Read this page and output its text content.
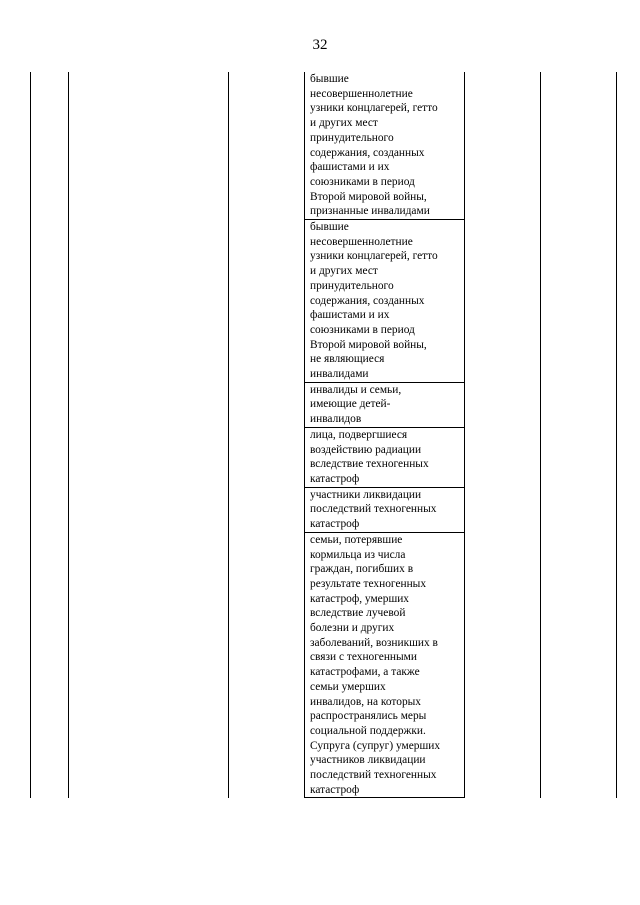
32

бывшие
несовершеннолетние
узники концлагерей, гетто
и других мест
принудительного
содержания, созданных
фашистами и их
союзниками в период
Второй мировой войны,
признанные инвалидами

бывшие
несовершеннолетние
узники концлагерей, гетто
и других мест
принудительного
содержания, созданных
фашистами и их
союзниками в период
Второй мировой войны,
не являющиеся
инвалидами

инвалиды и семьи,
имеющие детей-
инвалидов

лица, подвергшиеся
воздействию радиации
вследствие техногенных
катастроф

участники ликвидации
последствий техногенных
катастроф

семьи, потерявшие
кормильца из числа
граждан, погибших в
результате техногенных
катастроф, умерших
вследствие лучевой
болезни и других
заболеваний, возникших в
связи с техногенными
катастрофами, а также
семьи умерших
инвалидов, на которых
распространялись меры
социальной поддержки.
Супруга (супруг) умерших
участников ликвидации
последствий техногенных
катастроф
